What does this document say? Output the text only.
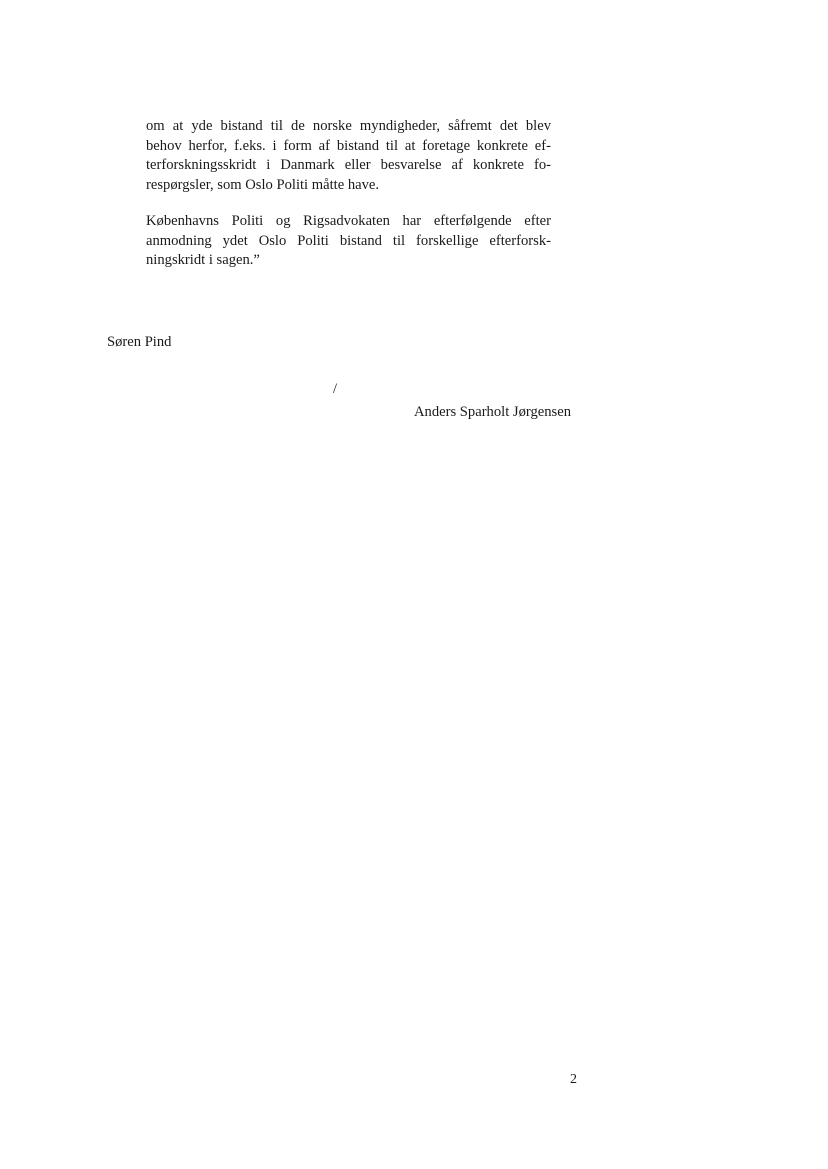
om at yde bistand til de norske myndigheder, såfremt det blev
behov herfor, f.eks. i form af bistand til at foretage konkrete ef-
terforskningsskridt i Danmark eller besvarelse af konkrete fo-
respørgsler, som Oslo Politi måtte have.

Københavns Politi og Rigsadvokaten har efterfølgende efter
anmodning ydet Oslo Politi bistand til forskellige efterforsk-
ningskridt i sagen.”

Søren Pind
/
Anders Sparholt Jørgensen
2
